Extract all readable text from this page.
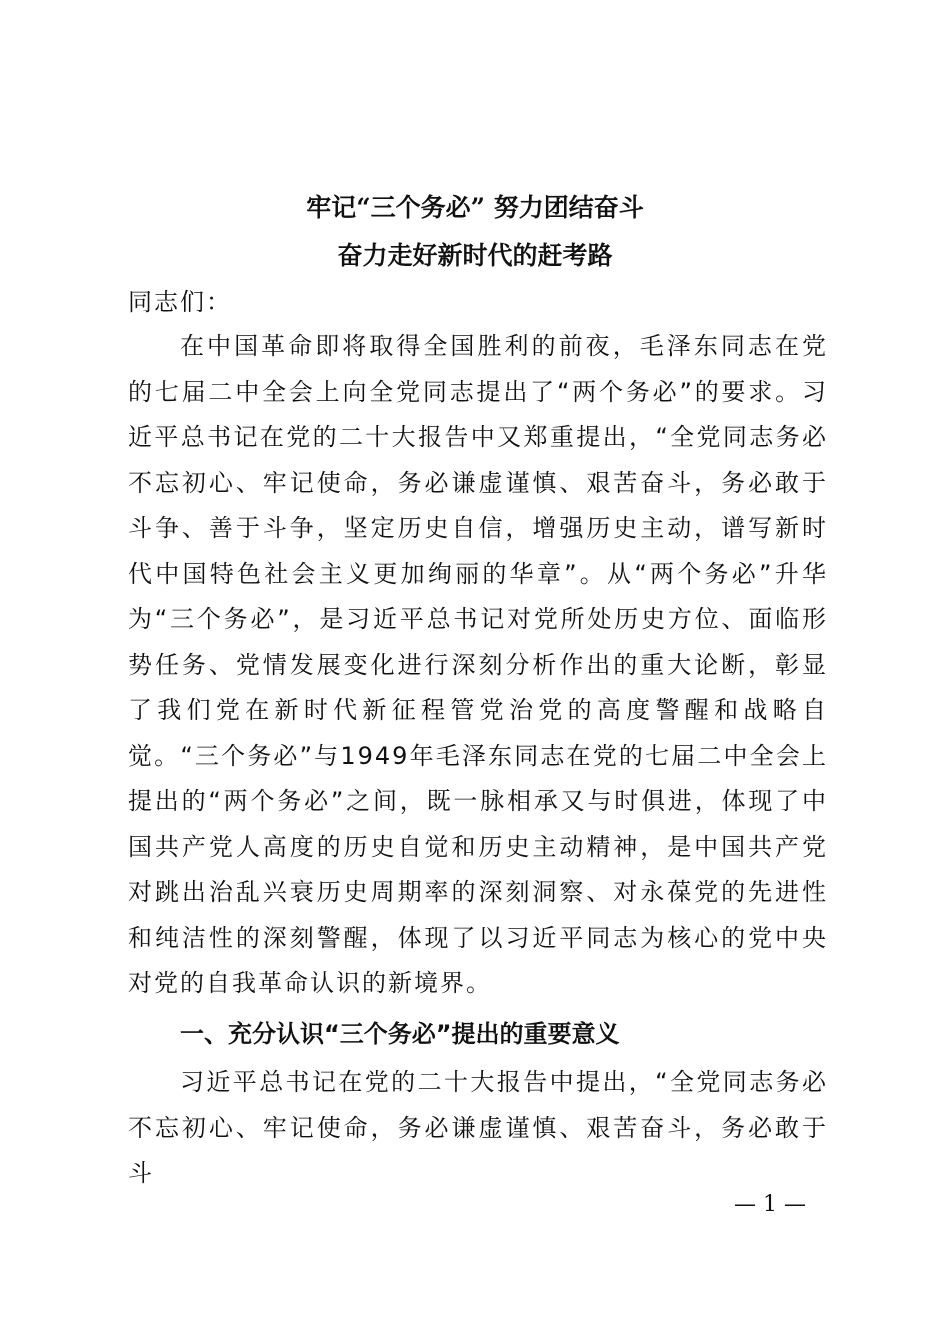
牢记“三个务必” 努力团结奋斗
奋力走好新时代的赶考路

同志们：

在中国革命即将取得全国胜利的前夜，毛泽东同志在党的七届二中全会上向全党同志提出了“两个务必”的要求。习近平总书记在党的二十大报告中又郑重提出，“全党同志务必不忘初心、牢记使命，务必谦虚谨慎、艰苦奋斗，务必敢于斗争、善于斗争，坚定历史自信，增强历史主动，谱写新时代中国特色社会主义更加绚丽的华章”。从“两个务必”升华为“三个务必”，是习近平总书记对党所处历史方位、面临形势任务、党情发展变化进行深刻分析作出的重大论断，彰显了我们党在新时代新征程管党治党的高度警醒和战略自觉。“三个务必”与1949年毛泽东同志在党的七届二中全会上提出的“两个务必”之间，既一脉相承又与时俱进，体现了中国共产党人高度的历史自觉和历史主动精神，是中国共产党对跳出治乱兴衰历史周期率的深刻洞察、对永葆党的先进性和纯洁性的深刻警醒，体现了以习近平同志为核心的党中央对党的自我革命认识的新境界。

一、充分认识“三个务必”提出的重要意义

习近平总书记在党的二十大报告中提出，“全党同志务必不忘初心、牢记使命，务必谦虚谨慎、艰苦奋斗，务必敢于斗

— 1 —
